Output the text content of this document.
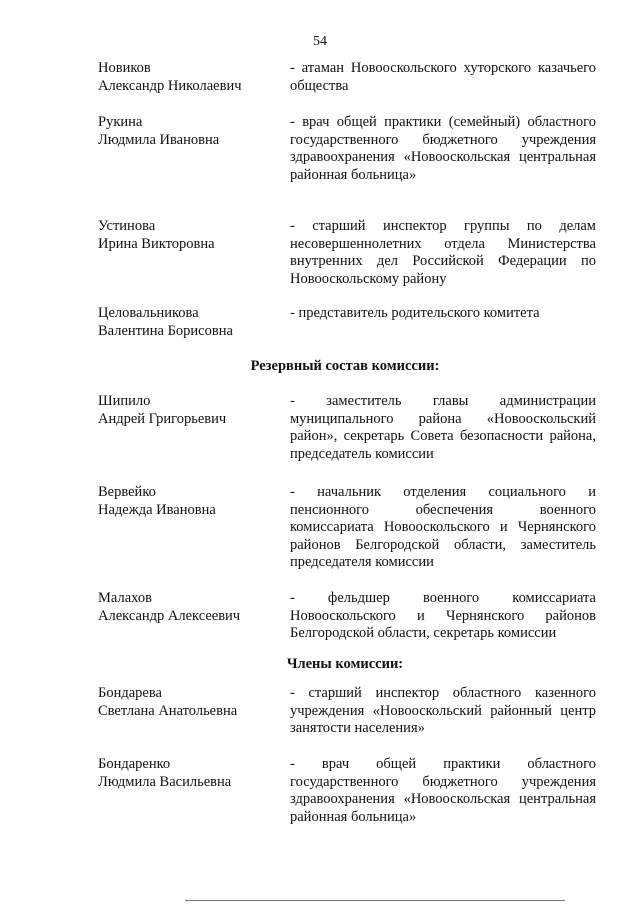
54
Новиков
Александр Николаевич
- атаман Новооскольского хуторского казачьего общества
Рукина
Людмила Ивановна
- врач общей практики (семейный) областного государственного бюджетного учреждения здравоохранения «Новооскольская центральная районная больница»
Устинова
Ирина Викторовна
- старший инспектор группы по делам несовершеннолетних отдела Министерства внутренних дел Российской Федерации по Новооскольскому району
Целовальникова
Валентина Борисовна
- представитель родительского комитета
Резервный состав комиссии:
Шипило
Андрей Григорьевич
- заместитель главы администрации муниципального района «Новооскольский район», секретарь Совета безопасности района, председатель комиссии
Вервейко
Надежда Ивановна
- начальник отделения социального и пенсионного обеспечения военного комиссариата Новооскольского и Чернянского районов Белгородской области, заместитель председателя комиссии
Малахов
Александр Алексеевич
- фельдшер военного комиссариата Новооскольского и Чернянского районов Белгородской области, секретарь комиссии
Члены комиссии:
Бондарева
Светлана Анатольевна
- старший инспектор областного казенного учреждения «Новооскольский районный центр занятости населения»
Бондаренко
Людмила Васильевна
- врач общей практики областного государственного бюджетного учреждения здравоохранения «Новооскольская центральная районная больница»
